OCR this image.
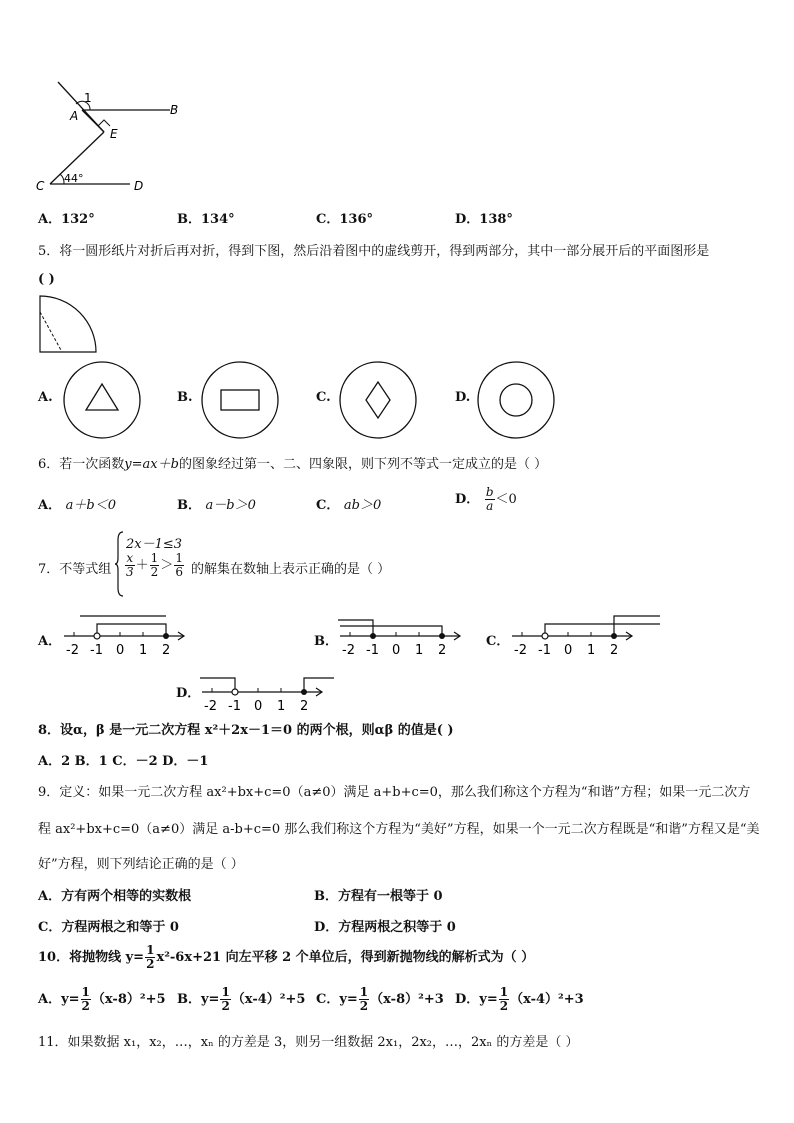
1
A	B
E
C	D
44°
A．132°	B．134°	C．136°	D．138°
5．将一圆形纸片对折后再对折，得到下图，然后沿着图中的虚线剪开，得到两部分，其中一部分展开后的平面图形是
( )
A.	B.	C.	D.
6．若一次函数y=ax＋b的图象经过第一、二、四象限，则下列不等式一定成立的是（ ）
A． a＋b＜0	B． a－b＞0	C． ab＞0	D． $\frac{b}{a} <0$
7．不等式组
2x－1≤3
$\frac{x}{3} + \frac{1}{2} > \frac{1}{6}$ 的解集在数轴上表示正确的是（ ）
A．
-2 -1 0 1 2
B．
-2 -1 0 1 2
C．
-2 -1 0 1 2
D．
-2 -1 0 1 2
8．设α，β 是一元二次方程 x²＋2x－1＝0 的两个根，则αβ 的值是( )
A．2 B．1 C．－2 D．－1
9．定义：如果一元二次方程 ax²+bx+c=0（a≠0）满足 a+b+c=0，那么我们称这个方程为“和谐”方程；如果一元二次方
程 ax²+bx+c=0（a≠0）满足 a-b+c=0 那么我们称这个方程为“美好”方程，如果一个一元二次方程既是“和谐”方程又是“美
好”方程，则下列结论正确的是（ ）
A．方有两个相等的实数根	B．方程有一根等于 0
C．方程两根之和等于 0	D．方程两根之积等于 0
10．将抛物线 $y= \frac{1}{2} x^2-6x+21$ 向左平移 2 个单位后，得到新抛物线的解析式为（ ）
A．$y= \frac{1}{2} (x-8)^2+5$ B．$y= \frac{1}{2} (x-4)^2+5$ C．$y= \frac{1}{2} (x-8)^2+3$ D．$y= \frac{1}{2} (x-4)^2+3$
11．如果数据 x₁，x₂，…，xₙ 的方差是 3，则另一组数据 2x₁，2x₂，…，2xₙ 的方差是（ ）
